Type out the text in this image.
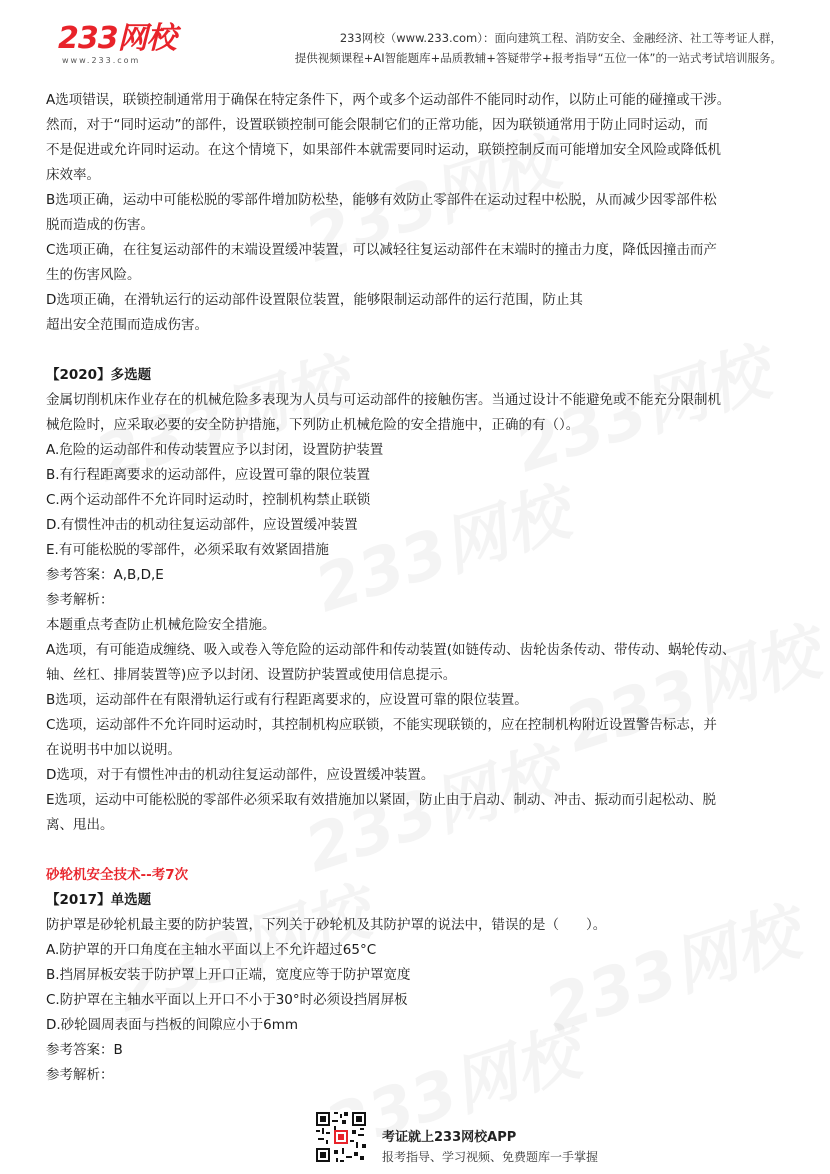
233网校
www.233.com
233网校（www.233.com）：面向建筑工程、消防安全、金融经济、社工等考证人群，
提供视频课程+AI智能题库+品质教辅+答疑带学+报考指导“五位一体”的一站式考试培训服务。

A选项错误，联锁控制通常用于确保在特定条件下，两个或多个运动部件不能同时动作，以防止可能的碰撞或干涉。

然而，对于“同时运动”的部件，设置联锁控制可能会限制它们的正常功能，因为联锁通常用于防止同时运动，而

不是促进或允许同时运动。在这个情境下，如果部件本就需要同时运动，联锁控制反而可能增加安全风险或降低机

床效率。

B选项正确，运动中可能松脱的零部件增加防松垫，能够有效防止零部件在运动过程中松脱，从而减少因零部件松

脱而造成的伤害。

C选项正确，在往复运动部件的末端设置缓冲装置，可以减轻往复运动部件在末端时的撞击力度，降低因撞击而产

生的伤害风险。

D选项正确，在滑轨运行的运动部件设置限位装置，能够限制运动部件的运行范围，防止其

超出安全范围而造成伤害。

【2020】多选题

金属切削机床作业存在的机械危险多表现为人员与可运动部件的接触伤害。当通过设计不能避免或不能充分限制机

械危险时，应采取必要的安全防护措施，下列防止机械危险的安全措施中，正确的有（）。

A.危险的运动部件和传动装置应予以封闭，设置防护装置

B.有行程距离要求的运动部件，应设置可靠的限位装置

C.两个运动部件不允许同时运动时，控制机构禁止联锁

D.有惯性冲击的机动往复运动部件，应设置缓冲装置

E.有可能松脱的零部件，必须采取有效紧固措施

参考答案：A,B,D,E

参考解析：

本题重点考查防止机械危险安全措施。

A选项，有可能造成缠绕、吸入或卷入等危险的运动部件和传动装置(如链传动、齿轮齿条传动、带传动、蜗轮传动、

轴、丝杠、排屑装置等)应予以封闭、设置防护装置或使用信息提示。

B选项，运动部件在有限滑轨运行或有行程距离要求的，应设置可靠的限位装置。

C选项，运动部件不允许同时运动时，其控制机构应联锁，不能实现联锁的，应在控制机构附近设置警告标志，并

在说明书中加以说明。

D选项，对于有惯性冲击的机动往复运动部件，应设置缓冲装置。

E选项，运动中可能松脱的零部件必须采取有效措施加以紧固，防止由于启动、制动、冲击、振动而引起松动、脱

离、甩出。

砂轮机安全技术--考7次

【2017】单选题

防护罩是砂轮机最主要的防护装置，下列关于砂轮机及其防护罩的说法中，错误的是（　　）。

A.防护罩的开口角度在主轴水平面以上不允许超过65°C

B.挡屑屏板安装于防护罩上开口正端，宽度应等于防护罩宽度

C.防护罩在主轴水平面以上开口不小于30°时必须设挡屑屏板

D.砂轮圆周表面与挡板的间隙应小于6mm

参考答案：B

参考解析：

考证就上233网校APP
报考指导、学习视频、免费题库一手掌握
